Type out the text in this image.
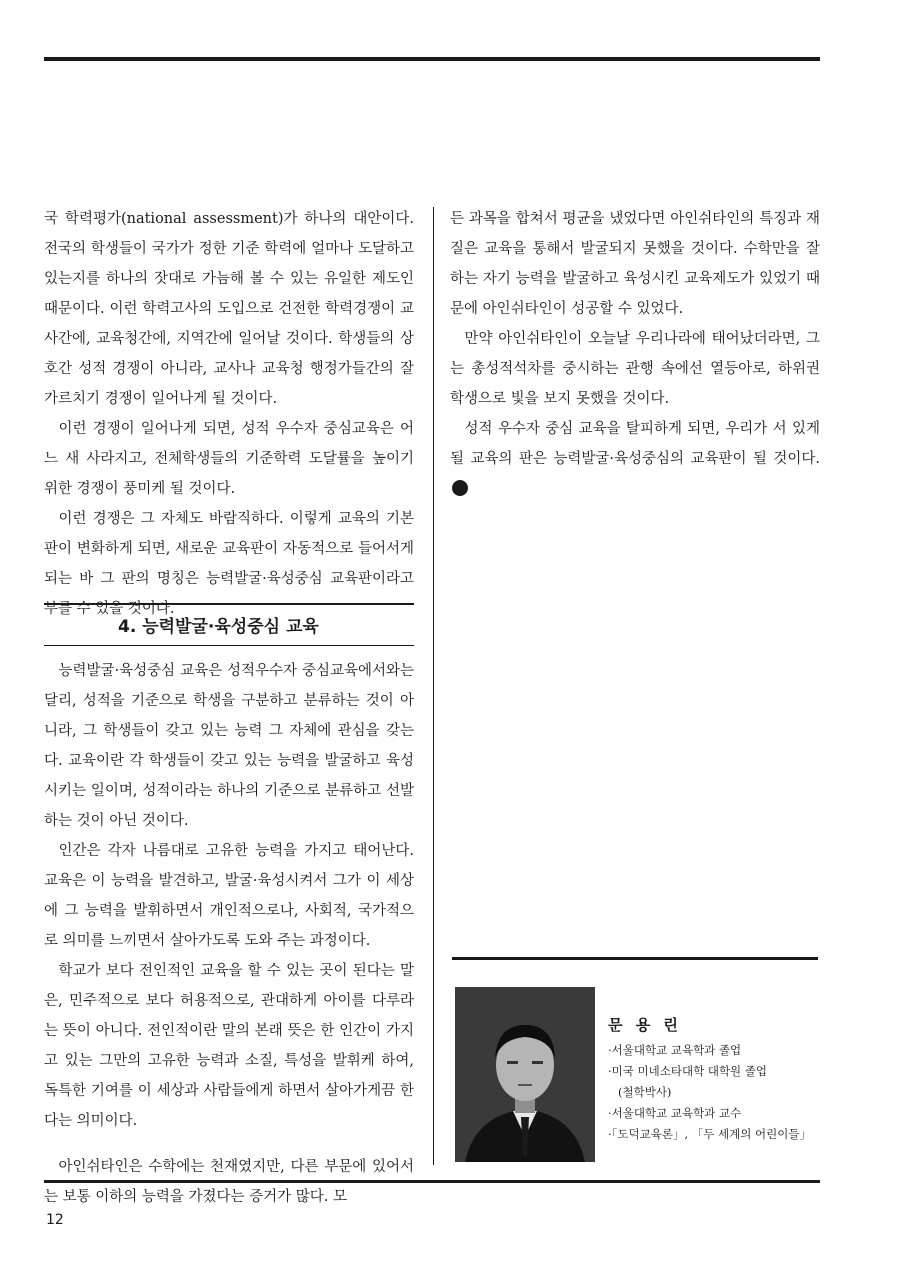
국 학력평가(national assessment)가 하나의 대안이다. 전국의 학생들이 국가가 정한 기준 학력에 얼마나 도달하고 있는지를 하나의 잣대로 가늠해 볼 수 있는 유일한 제도인 때문이다. 이런 학력고사의 도입으로 건전한 학력경쟁이 교사간에, 교육청간에, 지역간에 일어날 것이다. 학생들의 상호간 성적 경쟁이 아니라, 교사나 교육청 행정가들간의 잘 가르치기 경쟁이 일어나게 될 것이다.

이런 경쟁이 일어나게 되면, 성적 우수자 중심교육은 어느 새 사라지고, 전체학생들의 기준학력 도달률을 높이기 위한 경쟁이 풍미케 될 것이다.

이런 경쟁은 그 자체도 바람직하다. 이렇게 교육의 기본판이 변화하게 되면, 새로운 교육판이 자동적으로 들어서게 되는 바 그 판의 명칭은 능력발굴·육성중심 교육판이라고 부를 수 있을 것이다.

4. 능력발굴·육성중심 교육

능력발굴·육성중심 교육은 성적우수자 중심교육에서와는 달리, 성적을 기준으로 학생을 구분하고 분류하는 것이 아니라, 그 학생들이 갖고 있는 능력 그 자체에 관심을 갖는다. 교육이란 각 학생들이 갖고 있는 능력을 발굴하고 육성시키는 일이며, 성적이라는 하나의 기준으로 분류하고 선발하는 것이 아닌 것이다.

인간은 각자 나름대로 고유한 능력을 가지고 태어난다. 교육은 이 능력을 발견하고, 발굴·육성시켜서 그가 이 세상에 그 능력을 발휘하면서 개인적으로나, 사회적, 국가적으로 의미를 느끼면서 살아가도록 도와 주는 과정이다.

학교가 보다 전인적인 교육을 할 수 있는 곳이 된다는 말은, 민주적으로 보다 허용적으로, 관대하게 아이를 다루라는 뜻이 아니다. 전인적이란 말의 본래 뜻은 한 인간이 가지고 있는 그만의 고유한 능력과 소질, 특성을 발휘케 하여, 독특한 기여를 이 세상과 사람들에게 하면서 살아가게끔 한다는 의미이다.

아인쉬타인은 수학에는 천재였지만, 다른 부문에 있어서는 보통 이하의 능력을 가졌다는 증거가 많다. 모

든 과목을 합쳐서 평균을 냈었다면 아인쉬타인의 특징과 재질은 교육을 통해서 발굴되지 못했을 것이다. 수학만을 잘하는 자기 능력을 발굴하고 육성시킨 교육제도가 있었기 때문에 아인쉬타인이 성공할 수 있었다.

만약 아인쉬타인이 오늘날 우리나라에 태어났더라면, 그는 총성적석차를 중시하는 관행 속에선 열등아로, 하위권 학생으로 빛을 보지 못했을 것이다.

성적 우수자 중심 교육을 탈피하게 되면, 우리가 서 있게 될 교육의 판은 능력발굴·육성중심의 교육판이 될 것이다.

문 용 린
·서울대학교 교육학과 졸업
·미국 미네소타대학 대학원 졸업
(철학박사)
·서울대학교 교육학과 교수
·「도덕교육론」, 「두 세계의 어린이들」
12
